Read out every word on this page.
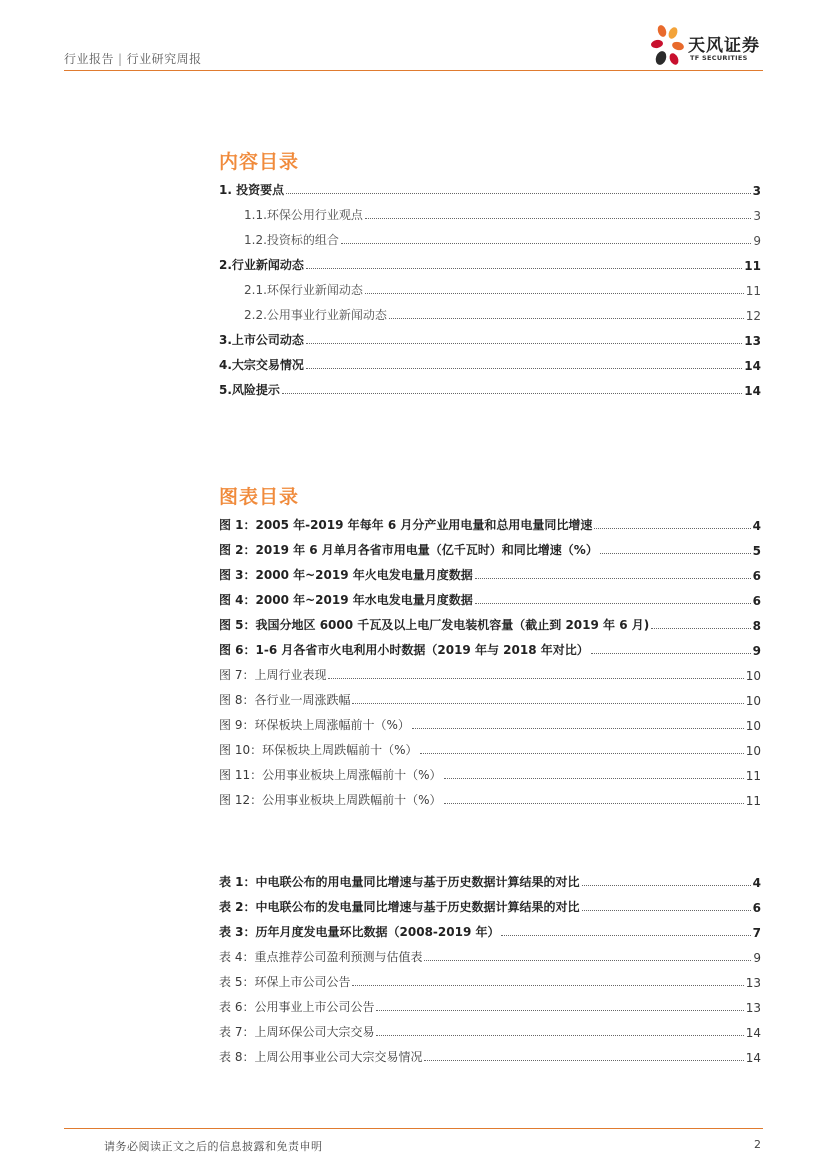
行业报告 | 行业研究周报
天风证券
TF SECURITIES
内容目录
1. 投资要点	3
1.1.环保公用行业观点	3
1.2.投资标的组合	9
2.行业新闻动态	11
2.1.环保行业新闻动态	11
2.2.公用事业行业新闻动态	12
3.上市公司动态	13
4.大宗交易情况	14
5.风险提示	14
图表目录
图 1：2005 年-2019 年每年 6 月分产业用电量和总用电量同比增速	4
图 2：2019 年 6 月单月各省市用电量（亿千瓦时）和同比增速（%）	5
图 3：2000 年~2019 年火电发电量月度数据	6
图 4：2000 年~2019 年水电发电量月度数据	6
图 5：我国分地区 6000 千瓦及以上电厂发电装机容量（截止到 2019 年 6 月)	8
图 6：1-6 月各省市火电利用小时数据（2019 年与 2018 年对比）	9
图 7：上周行业表现	10
图 8：各行业一周涨跌幅	10
图 9：环保板块上周涨幅前十（%）	10
图 10：环保板块上周跌幅前十（%）	10
图 11：公用事业板块上周涨幅前十（%）	11
图 12：公用事业板块上周跌幅前十（%）	11
表 1：中电联公布的用电量同比增速与基于历史数据计算结果的对比	4
表 2：中电联公布的发电量同比增速与基于历史数据计算结果的对比	6
表 3：历年月度发电量环比数据（2008-2019 年）	7
表 4：重点推荐公司盈利预测与估值表	9
表 5：环保上市公司公告	13
表 6：公用事业上市公司公告	13
表 7：上周环保公司大宗交易	14
表 8：上周公用事业公司大宗交易情况	14
请务必阅读正文之后的信息披露和免责申明	2
